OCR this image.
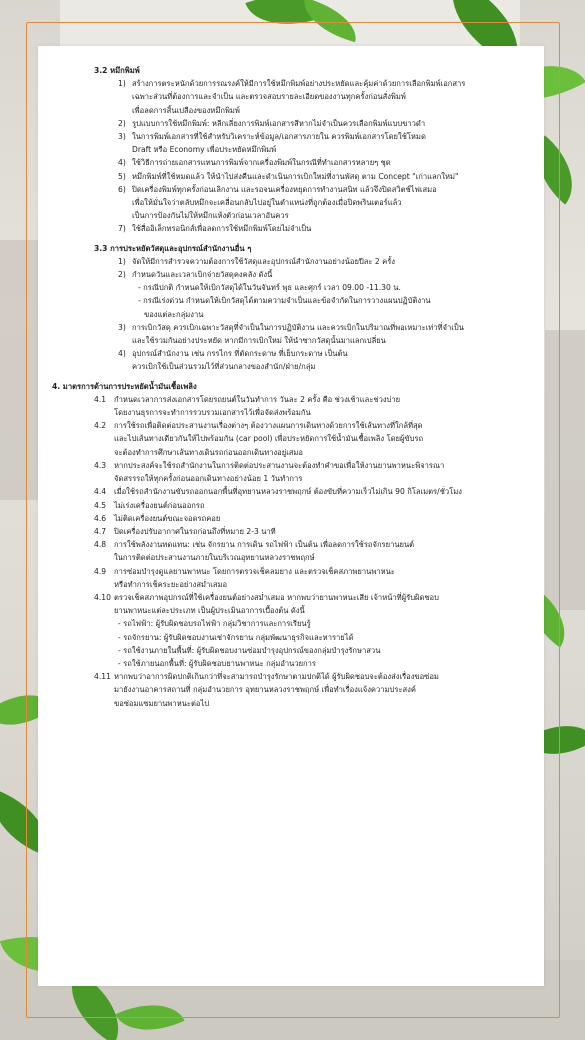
3.2 หมึกพิมพ์
1) สร้างการตระหนักด้วยการรณรงค์ให้มีการใช้หมึกพิมพ์อย่างประหยัดและคุ้มค่าด้วยการเลือกพิมพ์เอกสาร
เฉพาะส่วนที่ต้องการและจำเป็น และตรวจสอบรายละเอียดของงานทุกครั้งก่อนสั่งพิมพ์
เพื่อลดการสิ้นเปลืองของหมึกพิมพ์
2) รูปแบบการใช้หมึกพิมพ์: หลีกเลี่ยงการพิมพ์เอกสารสีหากไม่จำเป็นควรเลือกพิมพ์แบบขาวดำ
3) ในการพิมพ์เอกสารที่ใช้สำหรับวิเคราะห์ข้อมูล/เอกสารภายใน ควรพิมพ์เอกสารโดยใช้โหมด
Draft หรือ Economy เพื่อประหยัดหมึกพิมพ์
4) ใช้วิธีการถ่ายเอกสารแทนการพิมพ์จากเครื่องพิมพ์ในกรณีที่ทำเอกสารหลายๆ ชุด
5) หมึกพิมพ์ที่ใช้หมดแล้ว ให้นำไปส่งคืนและดำเนินการเบิกใหม่ที่งานพัสดุ ตาม Concept "เก่าแลกใหม่"
6) ปิดเครื่องพิมพ์ทุกครั้งก่อนเลิกงาน และรอจนเครื่องหยุดการทำงานสนิท แล้วจึงปิดสวิตช์ไฟเสมอ
เพื่อให้มั่นใจว่าตลับหมึกจะเคลื่อนกลับไปอยู่ในตำแหน่งที่ถูกต้องเมื่อปิดพรินเตอร์แล้ว
เป็นการป้องกันไม่ให้หมึกแห้งตัวก่อนเวลาอันควร
7) ใช้สื่ออิเล็กทรอนิกส์เพื่อลดการใช้หมึกพิมพ์โดยไม่จำเป็น
3.3 การประหยัดวัสดุและอุปกรณ์สำนักงานอื่น ๆ
1) จัดให้มีการสำรวจความต้องการใช้วัสดุและอุปกรณ์สำนักงานอย่างน้อยปีละ 2 ครั้ง
2) กำหนดวันและเวลาเบิกจ่ายวัสดุคงคลัง ดังนี้
- กรณีปกติ กำหนดให้เบิกวัสดุได้ในวันจันทร์ พุธ และศุกร์ เวลา 09.00 -11.30 น.
- กรณีเร่งด่วน กำหนดให้เบิกวัสดุได้ตามความจำเป็นและข้อจำกัดในการวางแผนปฏิบัติงาน
ของแต่ละกลุ่มงาน
3) การเบิกวัสดุ ควรเบิกเฉพาะวัสดุที่จำเป็นในการปฏิบัติงาน และควรเบิกในปริมาณที่พอเหมาะเท่าที่จำเป็น
และใช้รวมกันอย่างประหยัด หากมีการเบิกใหม่ ให้นำซากวัสดุนั้นมาแลกเปลี่ยน
4) อุปกรณ์สำนักงาน เช่น กรรไกร ที่ตัดกระดาษ ที่เย็บกระดาษ เป็นต้น
ควรเบิกใช้เป็นส่วนรวมไว้ที่ส่วนกลางของสำนัก/ฝ่าย/กลุ่ม
4. มาตรการด้านการประหยัดน้ำมันเชื้อเพลิง
4.1	กำหนดเวลาการส่งเอกสารโดยรถยนต์ในวันทำการ วันละ 2 ครั้ง คือ ช่วงเช้าและช่วงบ่าย
โดยงานธุรการจะทำการรวบรวมเอกสารไว้เพื่อจัดส่งพร้อมกัน
4.2	การใช้รถเพื่อติดต่อประสานงานเรื่องต่างๆ ต้องวางแผนการเดินทางด้วยการใช้เส้นทางที่ใกล้ที่สุด
และไปเส้นทางเดียวกันให้ไปพร้อมกัน (car pool) เพื่อประหยัดการใช้น้ำมันเชื้อเพลิง โดยผู้ขับรถ
จะต้องทำการศึกษาเส้นทางเดินรถก่อนออกเดินทางอยู่เสมอ
4.3	หากประสงค์จะใช้รถสำนักงานในการติดต่อประสานงานจะต้องทำคำขอเพื่อให้งานยานพาหนะพิจารณา
จัดสรรรถให้ทุกครั้งก่อนออกเดินทางอย่างน้อย 1 วันทำการ
4.4	เมื่อใช้รถสำนักงานขับรถออกนอกพื้นที่อุทยานหลวงราชพฤกษ์ ต้องขับที่ความเร็วไม่เกิน 90 กิโลเมตร/ชั่วโมง
4.5	ไม่เร่งเครื่องยนต์ก่อนออกรถ
4.6	ไม่ติดเครื่องยนต์ขณะจอดรถคอย
4.7	ปิดเครื่องปรับอากาศในรถก่อนถึงที่หมาย 2-3 นาที
4.8	การใช้พลังงานทดแทน: เช่น จักรยาน การเดิน รถไฟฟ้า เป็นต้น เพื่อลดการใช้รถจักรยานยนต์
ในการติดต่อประสานงานภายในบริเวณอุทยานหลวงราชพฤกษ์
4.9	การซ่อมบำรุงดูแลยานพาหนะ โดยการตรวจเช็คลมยาง และตรวจเช็คสภาพยานพาหนะ
หรือทำการเช็คระยะอย่างสม่ำเสมอ
4.10 ตรวจเช็คสภาพอุปกรณ์ที่ใช้เครื่องยนต์อย่างสม่ำเสมอ หากพบว่ายานพาหนะเสีย เจ้าหน้าที่ผู้รับผิดชอบ
ยานพาหนะแต่ละประเภท เป็นผู้ประเมินอาการเบื้องต้น ดังนี้
- รถไฟฟ้า: ผู้รับผิดชอบรถไฟฟ้า กลุ่มวิชาการและการเรียนรู้
- รถจักรยาน: ผู้รับผิดชอบงานเช่าจักรยาน กลุ่มพัฒนาธุรกิจและหารายได้
- รถใช้งานภายในพื้นที่: ผู้รับผิดชอบงานซ่อมบำรุงอุปกรณ์ของกลุ่มบำรุงรักษาสวน
- รถใช้ภายนอกพื้นที่: ผู้รับผิดชอบยานพาหนะ กลุ่มอำนวยการ
4.11 หากพบว่าอาการผิดปกติเกินกว่าที่จะสามารถบำรุงรักษาตามปกติได้ ผู้รับผิดชอบจะต้องส่งเรื่องขอซ่อม
มายังงานอาคารสถานที่ กลุ่มอำนวยการ อุทยานหลวงราชพฤกษ์ เพื่อทำเรื่องแจ้งความประสงค์
ขอซ่อมแซมยานพาหนะต่อไป
